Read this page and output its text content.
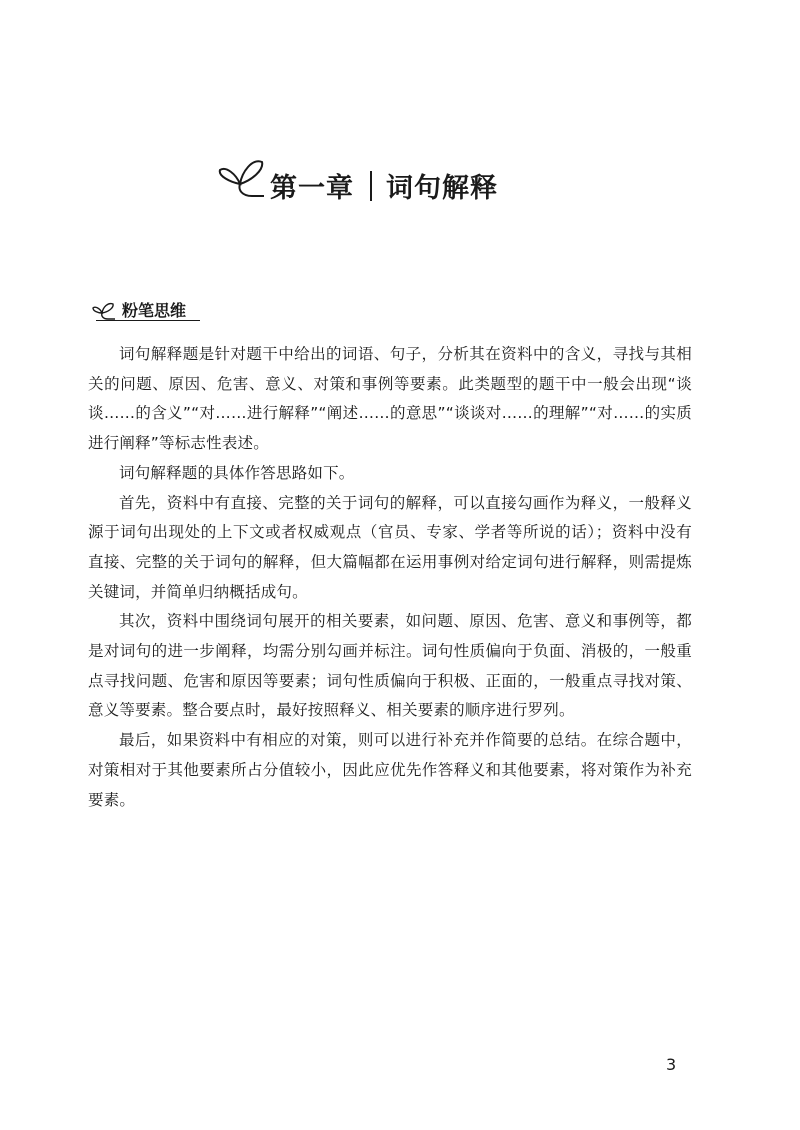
第一章 词句解释
粉笔思维

词句解释题是针对题干中给出的词语、句子，分析其在资料中的含义，寻找与其相关的问题、原因、危害、意义、对策和事例等要素。此类题型的题干中一般会出现“谈谈……的含义”“对……进行解释”“阐述……的意思”“谈谈对……的理解”“对……的实质进行阐释”等标志性表述。

词句解释题的具体作答思路如下。

首先，资料中有直接、完整的关于词句的解释，可以直接勾画作为释义，一般释义源于词句出现处的上下文或者权威观点（官员、专家、学者等所说的话）；资料中没有直接、完整的关于词句的解释，但大篇幅都在运用事例对给定词句进行解释，则需提炼关键词，并简单归纳概括成句。

其次，资料中围绕词句展开的相关要素，如问题、原因、危害、意义和事例等，都是对词句的进一步阐释，均需分别勾画并标注。词句性质偏向于负面、消极的，一般重点寻找问题、危害和原因等要素；词句性质偏向于积极、正面的，一般重点寻找对策、意义等要素。整合要点时，最好按照释义、相关要素的顺序进行罗列。

最后，如果资料中有相应的对策，则可以进行补充并作简要的总结。在综合题中，对策相对于其他要素所占分值较小，因此应优先作答释义和其他要素，将对策作为补充要素。

3
